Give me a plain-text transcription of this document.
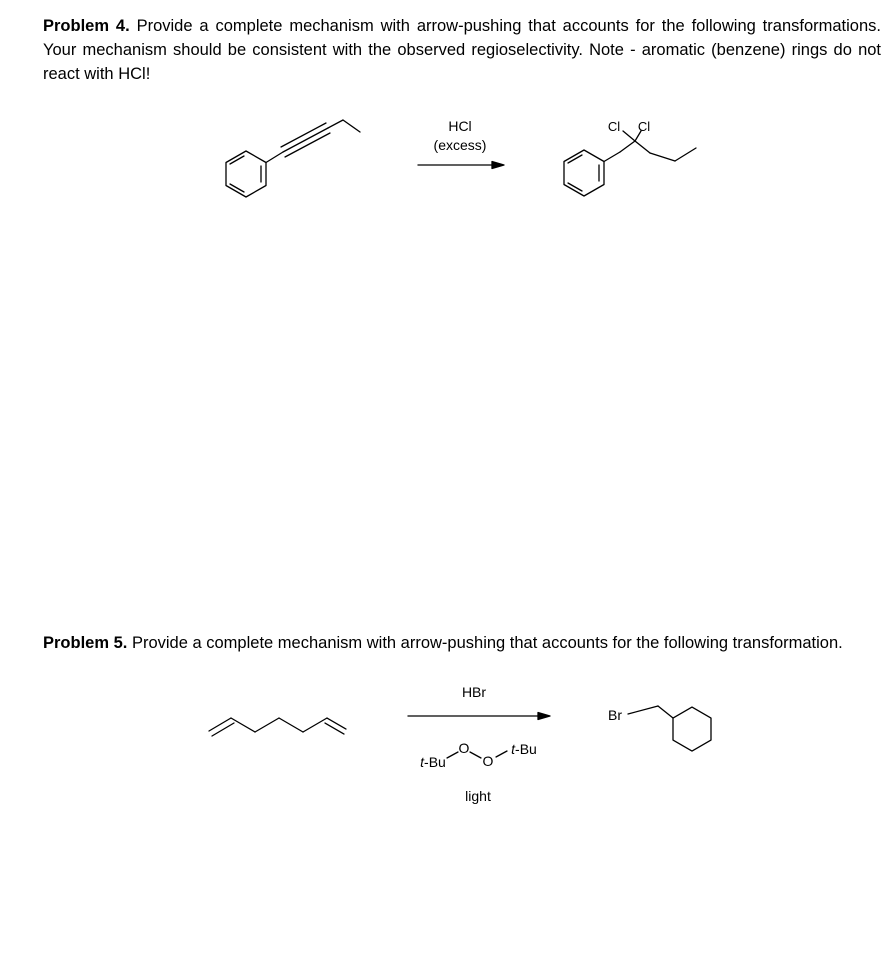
Problem 4. Provide a complete mechanism with arrow-pushing that accounts for the following transformations. Your mechanism should be consistent with the observed regioselectivity. Note - aromatic (benzene) rings do not react with HCl!

HCl
(excess)
Cl Cl

Problem 5. Provide a complete mechanism with arrow-pushing that accounts for the following transformation.

HBr
t-Bu
O
O
t-Bu
light
Br
